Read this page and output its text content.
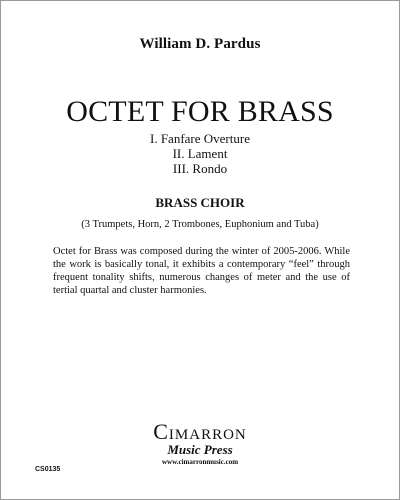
William D. Pardus
OCTET FOR BRASS
I. Fanfare Overture
II. Lament
III. Rondo
BRASS CHOIR
(3 Trumpets, Horn, 2 Trombones, Euphonium and Tuba)
Octet for Brass was composed during the winter of 2005-2006. While the work is basically tonal, it exhibits a contemporary “feel” through frequent tonality shifts, numerous changes of meter and the use of tertial quartal and cluster harmonies.
Cimarron
Music Press
www.cimarronmusic.com
CS0135
